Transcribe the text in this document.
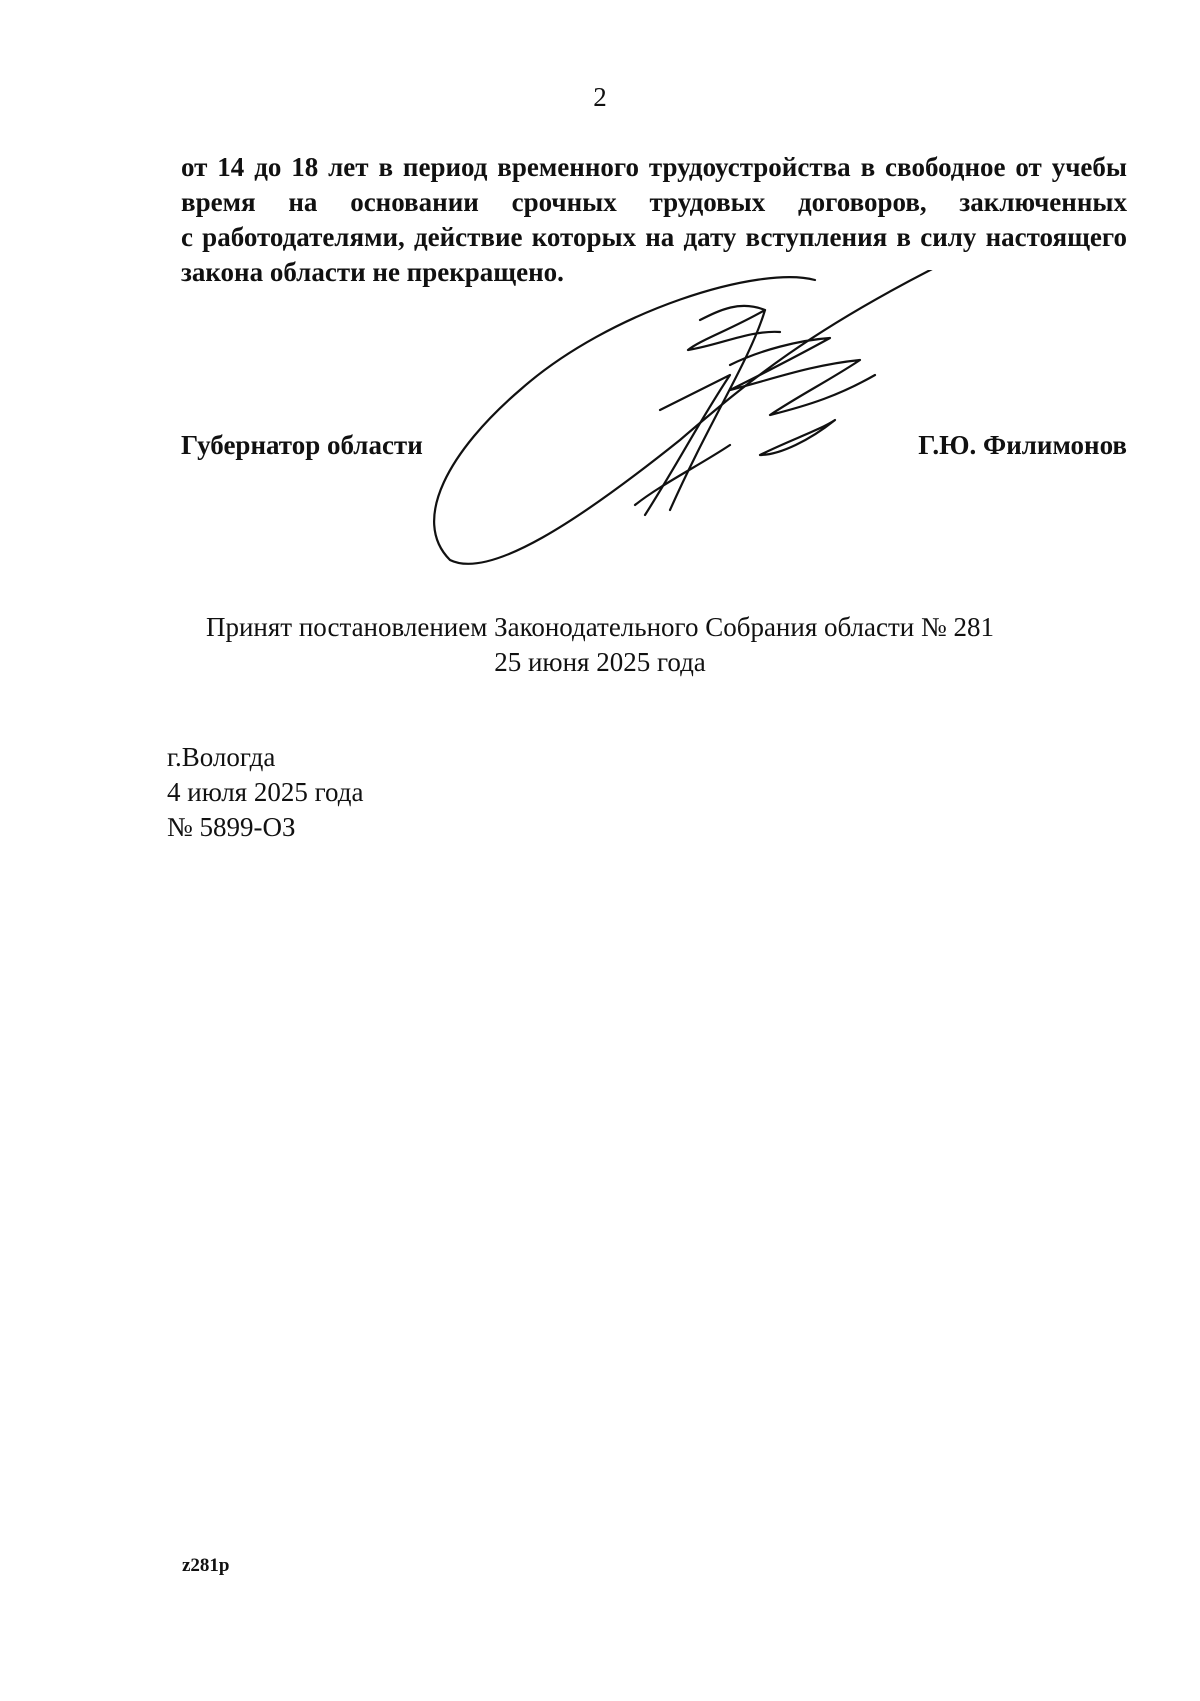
2
от 14 до 18 лет в период временного трудоустройства в свободное от учебы
время на основании срочных трудовых договоров, заключенных
с работодателями, действие которых на дату вступления в силу настоящего
закона области не прекращено.
Губернатор области	Г.Ю. Филимонов
Принят постановлением Законодательного Собрания области № 281
25 июня 2025 года
г.Вологда
4 июля 2025 года
№ 5899-ОЗ
z281p
